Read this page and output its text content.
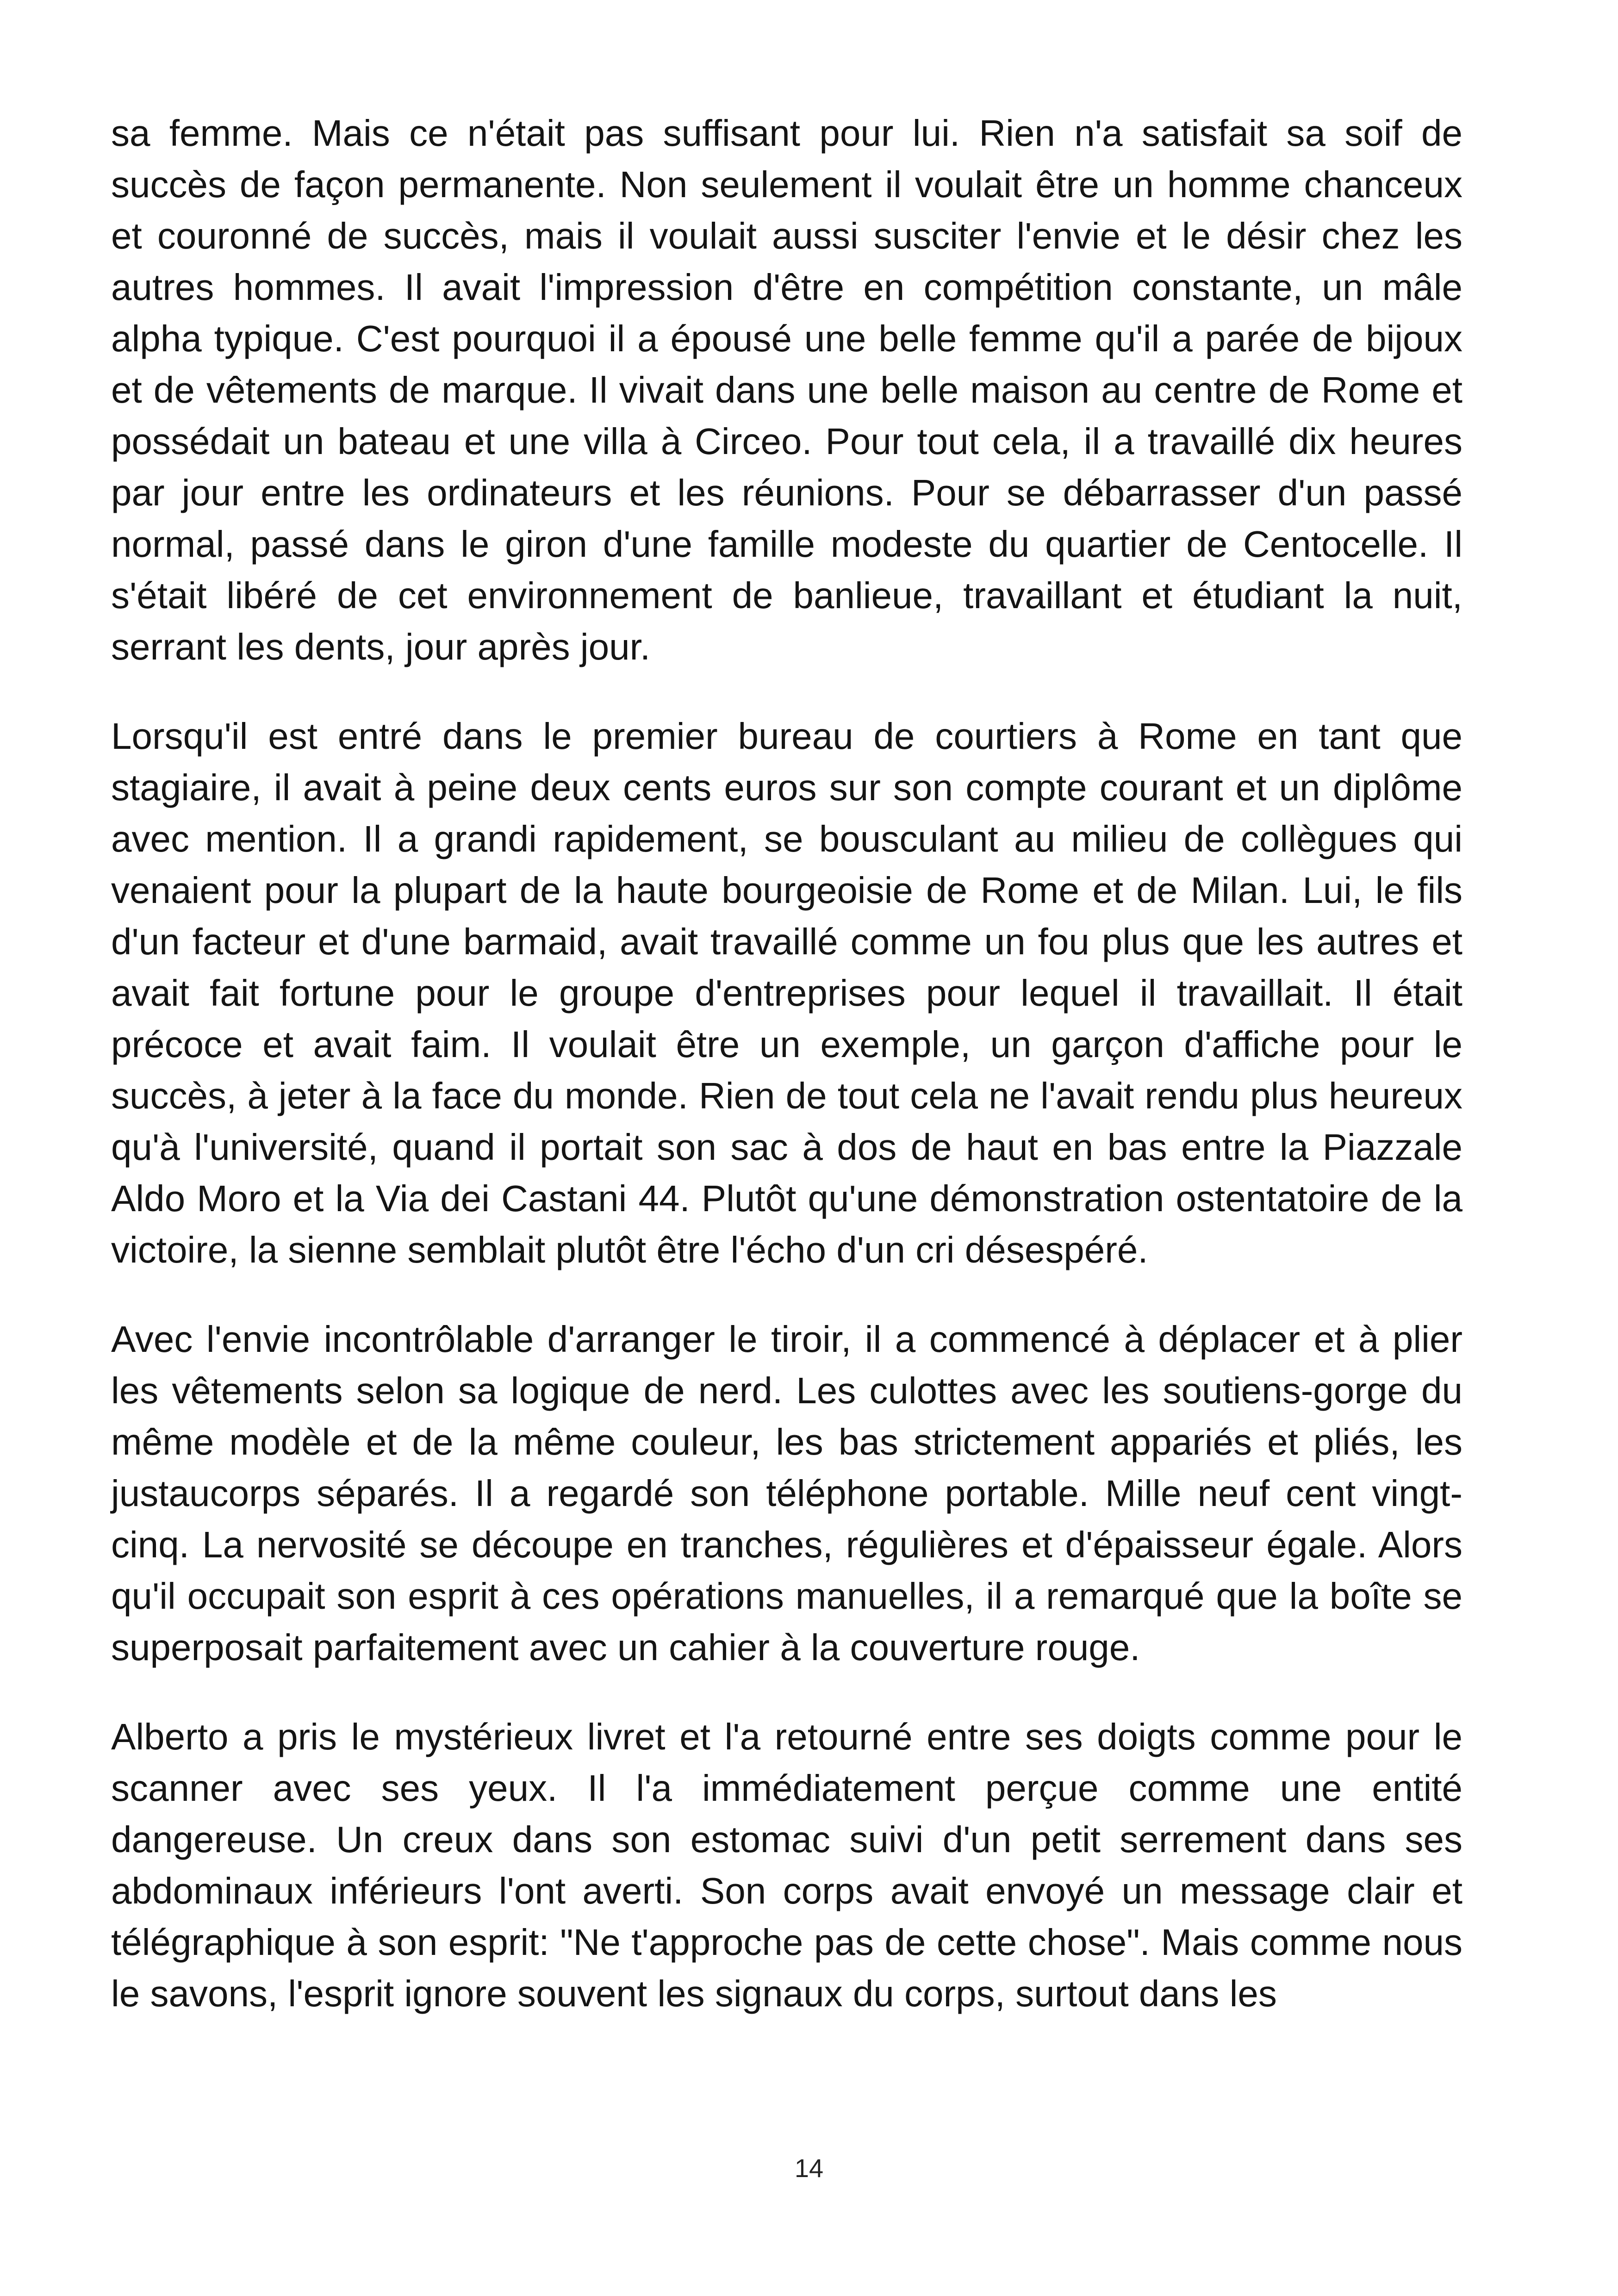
sa femme. Mais ce n'était pas suffisant pour lui. Rien n'a satisfait sa soif de succès de façon permanente. Non seulement il voulait être un homme chanceux et couronné de succès, mais il voulait aussi susciter l'envie et le désir chez les autres hommes. Il avait l'impression d'être en compétition constante, un mâle alpha typique. C'est pourquoi il a épousé une belle femme qu'il a parée de bijoux et de vêtements de marque. Il vivait dans une belle maison au centre de Rome et possédait un bateau et une villa à Circeo. Pour tout cela, il a travaillé dix heures par jour entre les ordinateurs et les réunions. Pour se débarrasser d'un passé normal, passé dans le giron d'une famille modeste du quartier de Centocelle. Il s'était libéré de cet environnement de banlieue, travaillant et étudiant la nuit, serrant les dents, jour après jour.

Lorsqu'il est entré dans le premier bureau de courtiers à Rome en tant que stagiaire, il avait à peine deux cents euros sur son compte courant et un diplôme avec mention. Il a grandi rapidement, se bousculant au milieu de collègues qui venaient pour la plupart de la haute bourgeoisie de Rome et de Milan. Lui, le fils d'un facteur et d'une barmaid, avait travaillé comme un fou plus que les autres et avait fait fortune pour le groupe d'entreprises pour lequel il travaillait. Il était précoce et avait faim. Il voulait être un exemple, un garçon d'affiche pour le succès, à jeter à la face du monde. Rien de tout cela ne l'avait rendu plus heureux qu'à l'université, quand il portait son sac à dos de haut en bas entre la Piazzale Aldo Moro et la Via dei Castani 44. Plutôt qu'une démonstration ostentatoire de la victoire, la sienne semblait plutôt être l'écho d'un cri désespéré.

Avec l'envie incontrôlable d'arranger le tiroir, il a commencé à déplacer et à plier les vêtements selon sa logique de nerd. Les culottes avec les soutiens-gorge du même modèle et de la même couleur, les bas strictement appariés et pliés, les justaucorps séparés. Il a regardé son téléphone portable. Mille neuf cent vingt-cinq. La nervosité se découpe en tranches, régulières et d'épaisseur égale. Alors qu'il occupait son esprit à ces opérations manuelles, il a remarqué que la boîte se superposait parfaitement avec un cahier à la couverture rouge.

Alberto a pris le mystérieux livret et l'a retourné entre ses doigts comme pour le scanner avec ses yeux. Il l'a immédiatement perçue comme une entité dangereuse. Un creux dans son estomac suivi d'un petit serrement dans ses abdominaux inférieurs l'ont averti. Son corps avait envoyé un message clair et télégraphique à son esprit: "Ne t'approche pas de cette chose". Mais comme nous le savons, l'esprit ignore souvent les signaux du corps, surtout dans les

14
